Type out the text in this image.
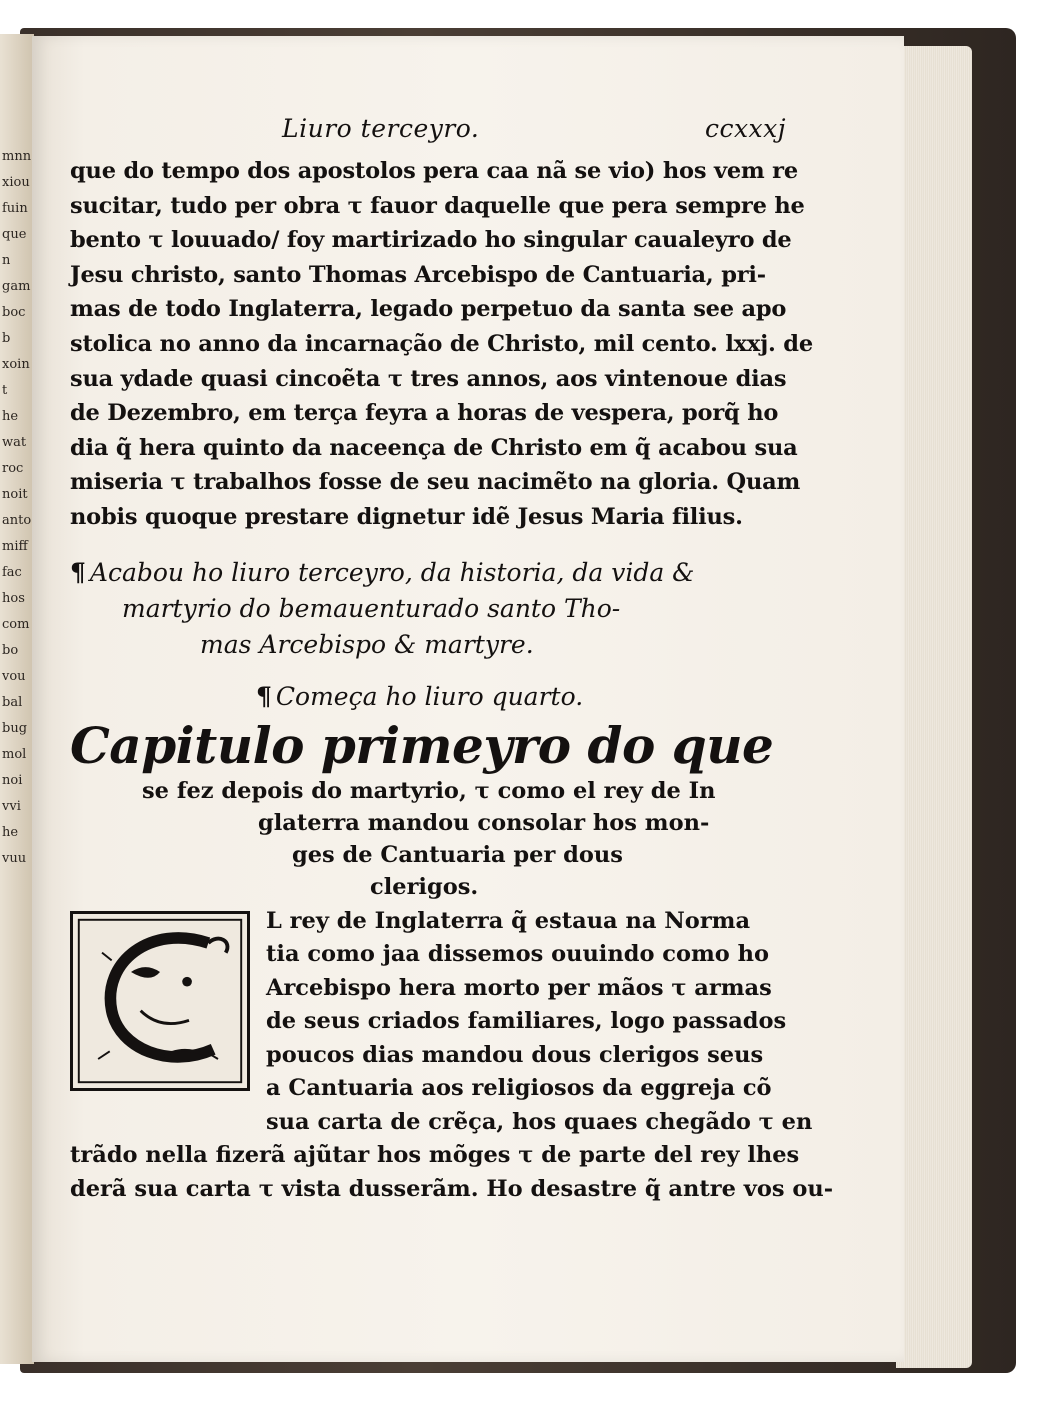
mnn
xiou
fuin
quen
gam
bocb
xoint
he
wat
roc
noit
anto
miff
fac
hos
com
bo
vou
bal
bug
mol
noi
vvi
he
vuu
Liuro terceyro.	ccxxxj
que do tempo dos apostolos pera caa nã se vio) hos vem re
sucitar, tudo per obra τ fauor daquelle que pera sempre he
bento τ louuado/ foy martirizado ho singular caualeyro de
Jesu christo, santo Thomas Arcebispo de Cantuaria, pri-
mas de todo Inglaterra, legado perpetuo da santa see apo
stolica no anno da incarnação de Christo, mil cento. lxxj. de
sua ydade quasi cincoẽta τ tres annos, aos vintenoue dias
de Dezembro, em terça feyra a horas de vespera, porq̃ ho
dia q̃ hera quinto da naceença de Christo em q̃ acabou sua
miseria τ trabalhos fosse de seu nacimẽto na gloria. Quam
nobis quoque prestare dignetur idẽ Jesus Maria filius.
¶ Acabou ho liuro terceyro, da historia, da vida &
martyrio do bemauenturado santo Tho-
mas Arcebispo & martyre.
¶ Começa ho liuro quarto.
Capitulo primeyro do que
se fez depois do martyrio, τ como el rey de In
glaterra mandou consolar hos mon-
ges de Cantuaria per dous
clerigos.
L rey de Inglaterra q̃ estaua na Norma
tia como jaa dissemos ouuindo como ho
Arcebispo hera morto per mãos τ armas
de seus criados familiares, logo passados
poucos dias mandou dous clerigos seus
a Cantuaria aos religiosos da eggreja cõ
sua carta de crẽça, hos quaes chegãdo τ en
trãdo nella fizerã ajũtar hos mõges τ de parte del rey lhes
derã sua carta τ vista dusserãm. Ho desastre q̃ antre vos ou-
